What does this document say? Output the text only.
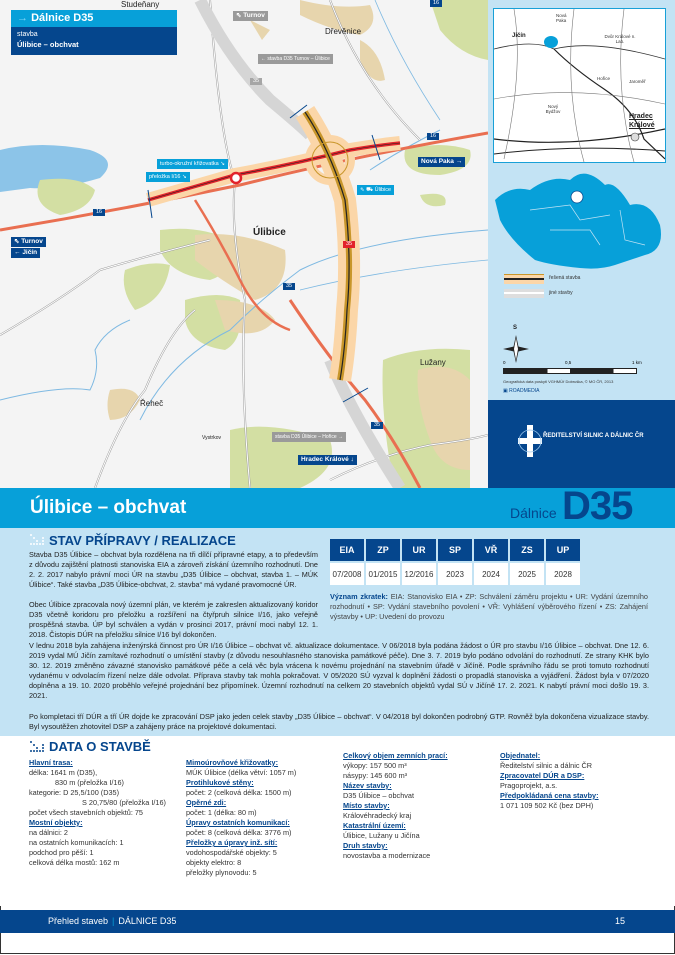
→ Dálnice D35
stavba
Úlibice – obchvat
Studeňany
Dřevěnice
Úlibice
Lužany
Řeheč
Vystrkov
⇖ Turnov
← stavba D35 Turnov – Úlibice
turbo-okružní křižovatka ↘
přeložka I/16 ↘
Nová Paka →
⇖ ⛟ Úlibice
⇖ Turnov
← Jičín
stavba D35 Úlibice – Hořice →
Hradec Králové ↓
16
16
16
35
35
35
35
Nová Paka
Jičín	Dvůr Králové n. Lab.
Hořice
Jaroměř
Nový Bydžov
Hradec Králové
řešená stavba
jiné stavby
S
0	0,5	1 km
Geografická data poskytl VGHMÚř Dobruška, © MO ČR, 2013
▣ ROADMEDIA
ŘEDITELSTVÍ SILNIC A DÁLNIC ČR
Úlibice – obchvat	Dálnice D35
STAV PŘÍPRAVY / REALIZACE
Stavba D35 Úlibice – obchvat byla rozdělena na tři dílčí přípravné etapy, a to především z důvodu zajištění platnosti stanoviska EIA a zároveň získání územního rozhodnutí. Dne 2. 2. 2017 nabylo právní moci ÚR na stavbu „D35 Úlibice – obchvat, stavba 1. – MÚK Úlibice“. Také stavba „D35 Úlibice-obchvat, 2. stavba“ má vydané pravomocné ÚR.
Obec Úlibice zpracovala nový územní plán, ve kterém je zakreslen aktualizovaný koridor D35 včetně koridoru pro přeložku a rozšíření na čtyřpruh silnice I/16, jako veřejně prospěšná stavba. ÚP byl schválen a vydán v prosinci 2017, právní moci nabyl 12. 1. 2018. Čistopis DÚR na přeložku silnice I/16 byl dokončen.
V lednu 2018 byla zahájena inženýrská činnost pro ÚR I/16 Úlibice – obchvat vč. aktualizace dokumentace. V 06/2018 byla podána žádost o ÚR pro stavbu I/16 Úlibice – obchvat. Dne 12. 6. 2019 vydal MÚ Jičín zamítavé rozhodnutí o umístění stavby (z důvodu nesouhlasného stanoviska památkové péče). Dne 3. 7. 2019 bylo podáno odvolání do rozhodnutí. Ze strany KHK bylo 30. 12. 2019 změněno závazné stanovisko památkové péče a celá věc byla vrácena k novému projednání na stavebním úřadě v Jičíně. Podle správního řádu se proti tomuto rozhodnutí vydanému v odvolacím řízení nelze dále odvolat. Příprava stavby tak mohla pokračovat. V 05/2020 SÚ vyzval k doplnění žádosti o propadlá stanoviska a vyjádření. Žádost byla v 07/2020 doplněna a 19. 10. 2020 proběhlo veřejné projednání bez připomínek. Územní rozhodnutí na celkem 20 stavebních objektů vydal SÚ v Jičíně 17. 2. 2021. K nabytí právní moci došlo 19. 3. 2021.
Po kompletaci tří DÚR a tří ÚR dojde ke zpracování DSP jako jeden celek stavby „D35 Úlibice – obchvat“. V 04/2018 byl dokončen podrobný GTP. Rovněž byla dokončena vizualizace stavby. Byl vysoutěžen zhotovitel DSP a zahájeny práce na projektové dokumentaci.
EIA	ZP	UR	SP	VŘ	ZS	UP
07/2008	01/2015	12/2016	2023	2024	2025	2028
Význam zkratek: EIA: Stanovisko EIA • ZP: Schválení záměru projektu • UR: Vydání územního rozhodnutí • SP: Vydání stavebního povolení • VŘ: Vyhlášení výběrového řízení • ZS: Zahájení výstavby • UP: Uvedení do provozu
DATA O STAVBĚ
Hlavní trasa:
délka: 1641 m (D35),
830 m (přeložka I/16)
kategorie: D 25,5/100 (D35)
S 20,75/80 (přeložka I/16)
počet všech stavebních objektů: 75
Mostní objekty:
na dálnici: 2
na ostatních komunikacích: 1
podchod pro pěší: 1
celková délka mostů: 162 m
Mimoúrovňové křižovatky:
MÚK Úlibice (délka větví: 1057 m)
Protihlukové stěny:
počet: 2 (celková délka: 1500 m)
Opěrné zdi:
počet: 1 (délka: 80 m)
Úpravy ostatních komunikací:
počet: 8 (celková délka: 3776 m)
Přeložky a úpravy inž. sítí:
vodohospodářské objekty: 5
objekty elektro: 8
přeložky plynovodu: 5
Celkový objem zemních prací:
výkopy: 157 500 m³
násypy: 145 600 m³
Název stavby:
D35 Úlibice – obchvat
Místo stavby:
Královéhradecký kraj
Katastrální území:
Úlibice, Lužany u Jičína
Druh stavby:
novostavba a modernizace
Objednatel:
Ředitelství silnic a dálnic ČR
Zpracovatel DÚR a DSP:
Pragoprojekt, a.s.
Předpokládaná cena stavby:
1 071 109 502 Kč (bez DPH)
Přehled staveb | DÁLNICE D35	15
